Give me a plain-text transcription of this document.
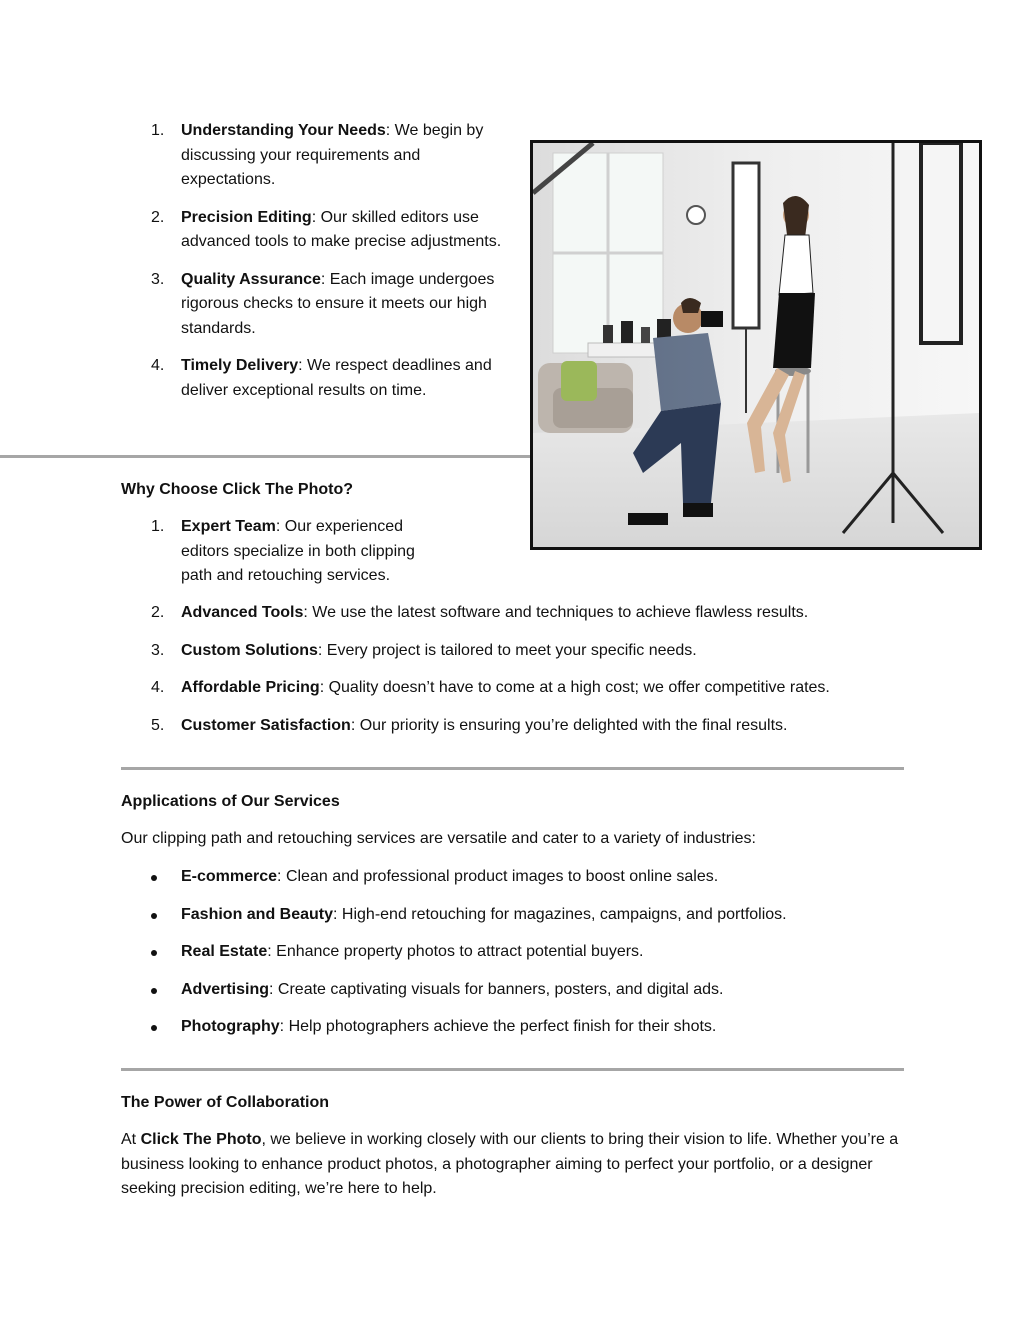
1. Understanding Your Needs: We begin by discussing your requirements and expectations.
2. Precision Editing: Our skilled editors use advanced tools to make precise adjustments.
3. Quality Assurance: Each image undergoes rigorous checks to ensure it meets our high standards.
4. Timely Delivery: We respect deadlines and deliver exceptional results on time.
Why Choose Click The Photo?
1. Expert Team: Our experienced editors specialize in both clipping path and retouching services.
2. Advanced Tools: We use the latest software and techniques to achieve flawless results.
3. Custom Solutions: Every project is tailored to meet your specific needs.
4. Affordable Pricing: Quality doesn’t have to come at a high cost; we offer competitive rates.
5. Customer Satisfaction: Our priority is ensuring you’re delighted with the final results.
Applications of Our Services

Our clipping path and retouching services are versatile and cater to a variety of industries:

E-commerce: Clean and professional product images to boost online sales.
Fashion and Beauty: High-end retouching for magazines, campaigns, and portfolios.
Real Estate: Enhance property photos to attract potential buyers.
Advertising: Create captivating visuals for banners, posters, and digital ads.
Photography: Help photographers achieve the perfect finish for their shots.
The Power of Collaboration

At Click The Photo, we believe in working closely with our clients to bring their vision to life. Whether you’re a business looking to enhance product photos, a photographer aiming to perfect your portfolio, or a designer seeking precision editing, we’re here to help.
